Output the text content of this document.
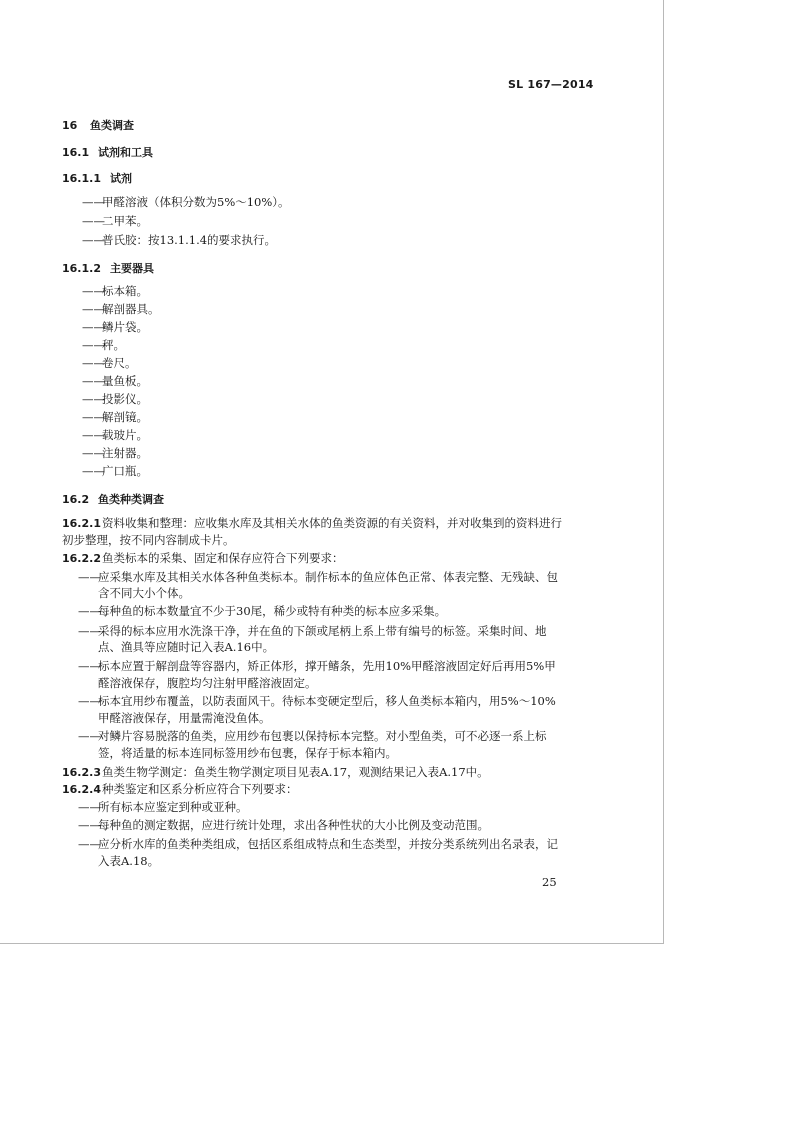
SL 167—2014
16 鱼类调查
16.1 试剂和工具
16.1.1 试剂
——甲醛溶液（体积分数为5%～10%）。
——二甲苯。
——普氏胶：按13.1.1.4的要求执行。
16.1.2 主要器具
——标本箱。
——解剖器具。
——鳞片袋。
——秤。
——卷尺。
——量鱼板。
——投影仪。
——解剖镜。
——载玻片。
——注射器。
——广口瓶。
16.2 鱼类种类调查
16.2.1资料收集和整理：应收集水库及其相关水体的鱼类资源的有关资料，并对收集到的资料进行
初步整理，按不同内容制成卡片。
16.2.2鱼类标本的采集、固定和保存应符合下列要求：
——应采集水库及其相关水体各种鱼类标本。制作标本的鱼应体色正常、体表完整、无残缺、包
含不同大小个体。
——每种鱼的标本数量宜不少于30尾，稀少或特有种类的标本应多采集。
——采得的标本应用水洗涤干净，并在鱼的下颌或尾柄上系上带有编号的标签。采集时间、地
点、渔具等应随时记入表A.16中。
——标本应置于解剖盘等容器内，矫正体形，撑开鳍条，先用10%甲醛溶液固定好后再用5%甲
醛溶液保存，腹腔均匀注射甲醛溶液固定。
——标本宜用纱布覆盖，以防表面风干。待标本变硬定型后，移人鱼类标本箱内，用5%～10%
甲醛溶液保存，用量需淹没鱼体。
——对鳞片容易脱落的鱼类，应用纱布包裹以保持标本完整。对小型鱼类，可不必逐一系上标
签，将适量的标本连同标签用纱布包裹，保存于标本箱内。
16.2.3鱼类生物学测定：鱼类生物学测定项目见表A.17，观测结果记入表A.17中。
16.2.4种类鉴定和区系分析应符合下列要求：
——所有标本应鉴定到种或亚种。
——每种鱼的测定数据，应进行统计处理，求出各种性状的大小比例及变动范围。
——应分析水库的鱼类种类组成，包括区系组成特点和生态类型，并按分类系统列出名录表，记
入表A.18。
25
